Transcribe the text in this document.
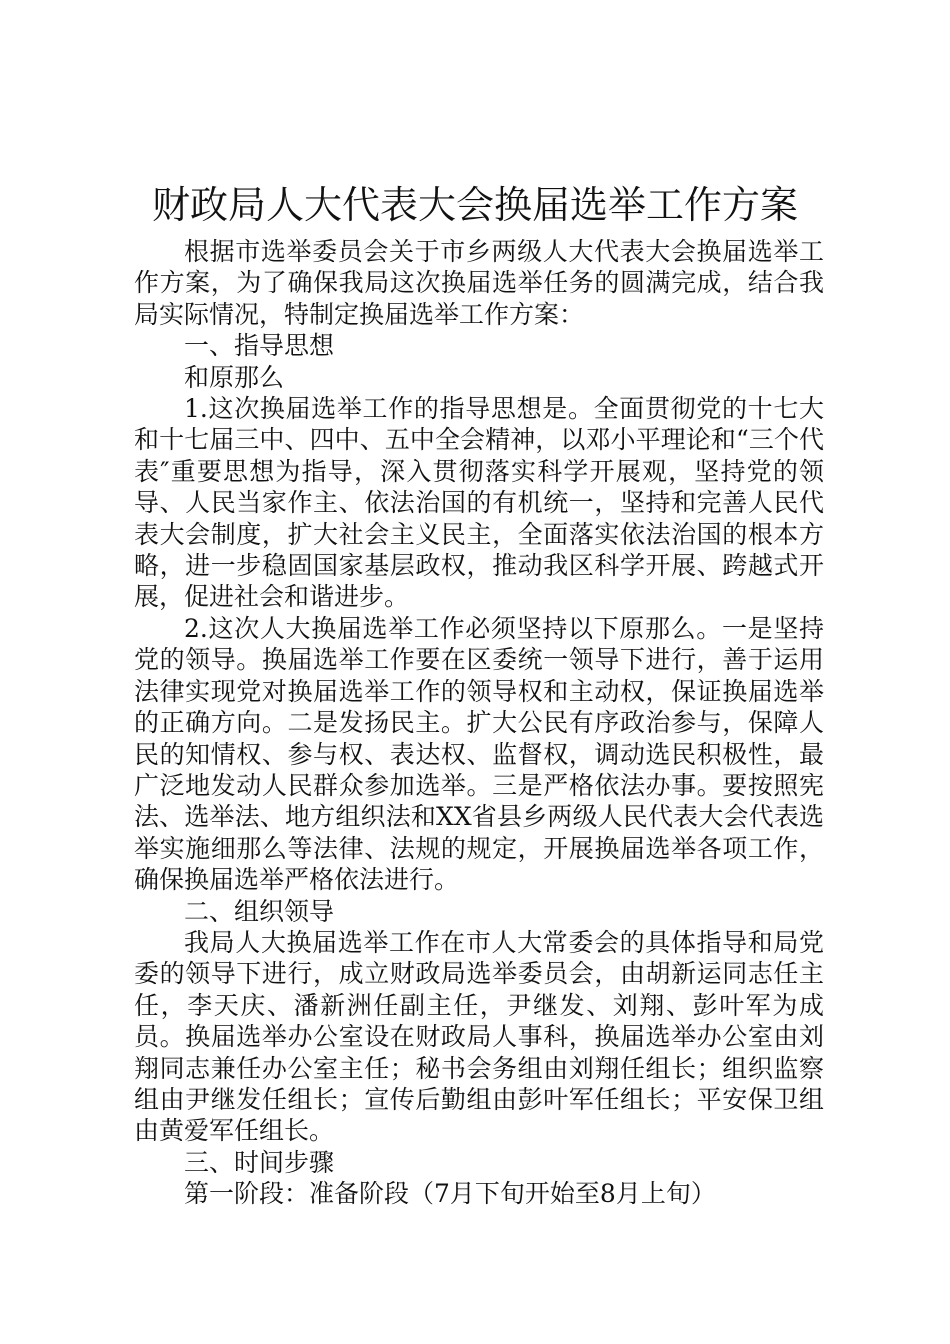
财政局人大代表大会换届选举工作方案

根据市选举委员会关于市乡两级人大代表大会换届选举工作方案，为了确保我局这次换届选举任务的圆满完成，结合我局实际情况，特制定换届选举工作方案：

一、指导思想

和原那么

1.这次换届选举工作的指导思想是。全面贯彻党的十七大和十七届三中、四中、五中全会精神，以邓小平理论和“三个代表″重要思想为指导，深入贯彻落实科学开展观，坚持党的领导、人民当家作主、依法治国的有机统一，坚持和完善人民代表大会制度，扩大社会主义民主，全面落实依法治国的根本方略，进一步稳固国家基层政权，推动我区科学开展、跨越式开展，促进社会和谐进步。

2.这次人大换届选举工作必须坚持以下原那么。一是坚持党的领导。换届选举工作要在区委统一领导下进行，善于运用法律实现党对换届选举工作的领导权和主动权，保证换届选举的正确方向。二是发扬民主。扩大公民有序政治参与，保障人民的知情权、参与权、表达权、监督权，调动选民积极性，最广泛地发动人民群众参加选举。三是严格依法办事。要按照宪法、选举法、地方组织法和XX省县乡两级人民代表大会代表选举实施细那么等法律、法规的规定，开展换届选举各项工作，确保换届选举严格依法进行。

二、组织领导

我局人大换届选举工作在市人大常委会的具体指导和局党委的领导下进行，成立财政局选举委员会，由胡新运同志任主任，李天庆、潘新洲任副主任，尹继发、刘翔、彭叶军为成员。换届选举办公室设在财政局人事科，换届选举办公室由刘翔同志兼任办公室主任；秘书会务组由刘翔任组长；组织监察组由尹继发任组长；宣传后勤组由彭叶军任组长；平安保卫组由黄爱军任组长。

三、时间步骤

第一阶段：准备阶段（7月下旬开始至8月上旬）
